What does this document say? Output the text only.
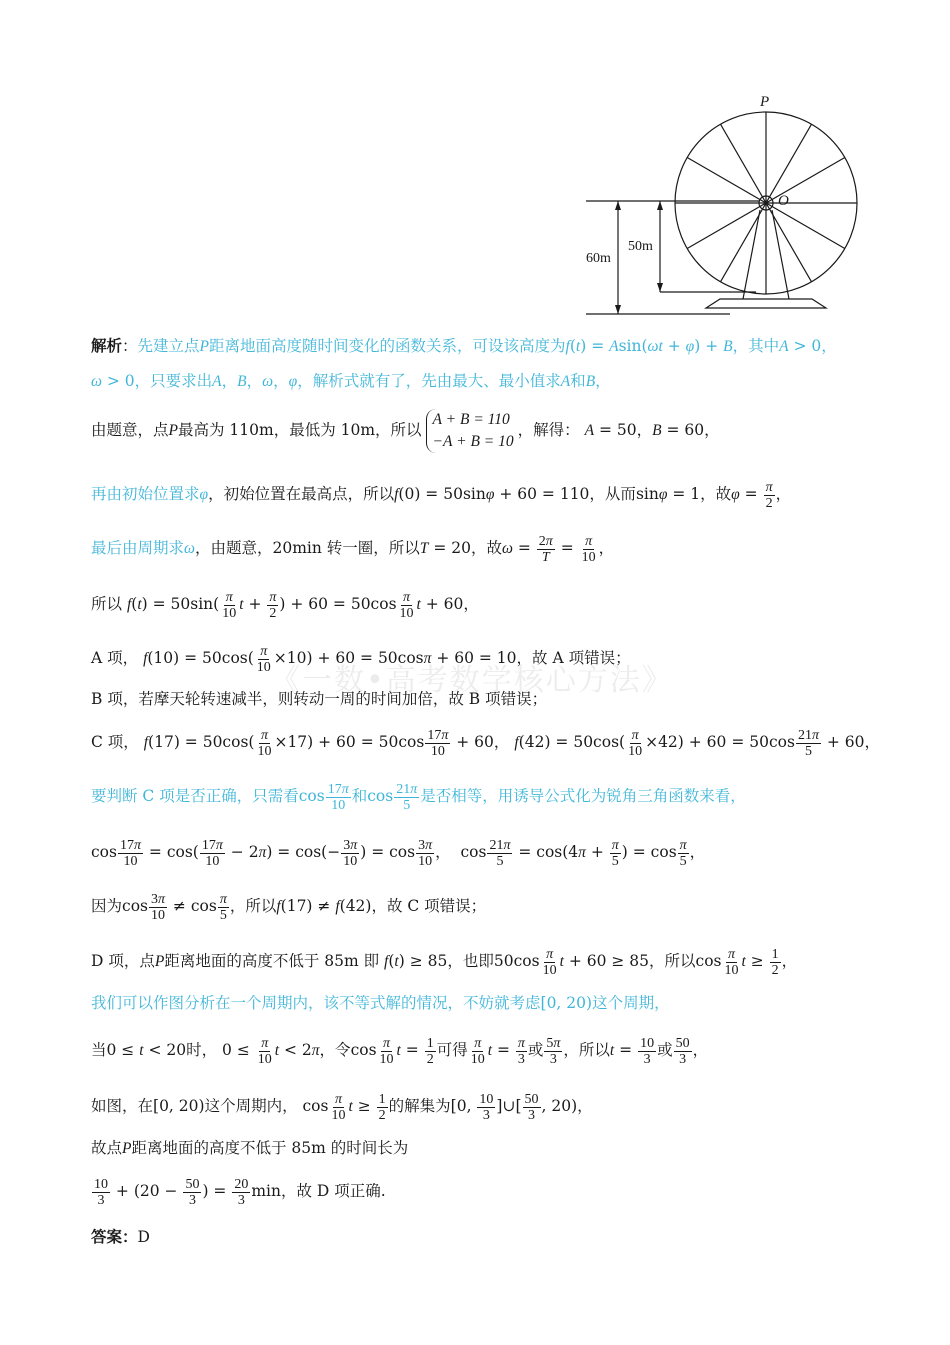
P
O
50m
60m
《一数•高考数学核心方法》
解析：先建立点P距离地面高度随时间变化的函数关系，可设该高度为f(t) = Asin(ωt + φ) + B，其中A > 0，
ω > 0，只要求出A，B，ω，φ，解析式就有了，先由最大、最小值求A和B，
由题意，点P最高为 110m，最低为 10m，所以
A + B = 110
−A + B = 10
，解得： A = 50，B = 60，
再由初始位置求φ，初始位置在最高点，所以f(0) = 50sinφ + 60 = 110，从而sinφ = 1，故$\varphi = \frac{\pi}{2}$ ，
最后由周期求ω，由题意，20min 转一圈，所以T = 20，故$\omega = \frac{2\pi}{T} = \frac{\pi}{10}$ ，
所以 $f(t) = 50\sin( \frac{\pi}{10}$ $t + \frac{\pi}{2}$ ) + $60 = 50\cos \frac{\pi}{10}$ t + 60，
A 项， $f(10) = 50\cos( \frac{\pi}{10} \times 10) + 60 = 50\cos\pi + 60 = 10$，故 A 项错误；
B 项，若摩天轮转速减半，则转动一周的时间加倍，故 B 项错误；
C 项， $f(17) = 50\cos( \frac{\pi}{10} \times 17) + 60 = 50\cos \frac{17\pi}{10} + 60$， $f(42) = 50\cos( \frac{\pi}{10} \times 42) + 60 = 50\cos \frac{21\pi}{5} + 60$，
要判断 C 项是否正确，只需看$\cos \frac{17\pi}{10}$ 和$\cos \frac{21\pi}{5}$ 是否相等，用诱导公式化为锐角三角函数来看，
$\cos \frac{17\pi}{10} = \cos( \frac{17\pi}{10} - 2\pi) = \cos(- \frac{3\pi}{10}$ ) = $\cos \frac{3\pi}{10}$ ，  $\cos \frac{21\pi}{5} = \cos(4\pi + \frac{\pi}{5}$ ) = $\cos \frac{\pi}{5}$ ，
因为$\cos \frac{3\pi}{10} \ne \cos \frac{\pi}{5}$ ，所以f(17) ≠ f(42)，故 C 项错误；
D 项，点P距离地面的高度不低于 85m 即 f(t) ≥ 85，也即$50\cos \frac{\pi}{10}$ t + 60 ≥ 85，所以$\cos \frac{\pi}{10}$ $t \ge \frac{1}{2}$ ，
我们可以作图分析在一个周期内，该不等式解的情况，不妨就考虑[0, 20)这个周期，
当0 ≤ t < 20时， $0 \le \frac{\pi}{10}$ t < 2π，令$\cos \frac{\pi}{10}$ $t = \frac{1}{2}$ 可得 $\frac{\pi}{10}$ $t = \frac{\pi}{3}$ 或 $\frac{5\pi}{3}$ ，所以$t = \frac{10}{3}$ 或 $\frac{50}{3}$ ，
如图，在[0, 20)这个周期内， $\cos \frac{\pi}{10}$ $t \ge \frac{1}{2}$ 的解集为[0, $\frac{10}{3}$ ]∪[ $\frac{50}{3}$ , 20)，
故点P距离地面的高度不低于 85m 的时间长为
$\frac{10}{3} + (20 - \frac{50}{3}$ ) = $\frac{20}{3}$ min，故 D 项正确.
答案：D
